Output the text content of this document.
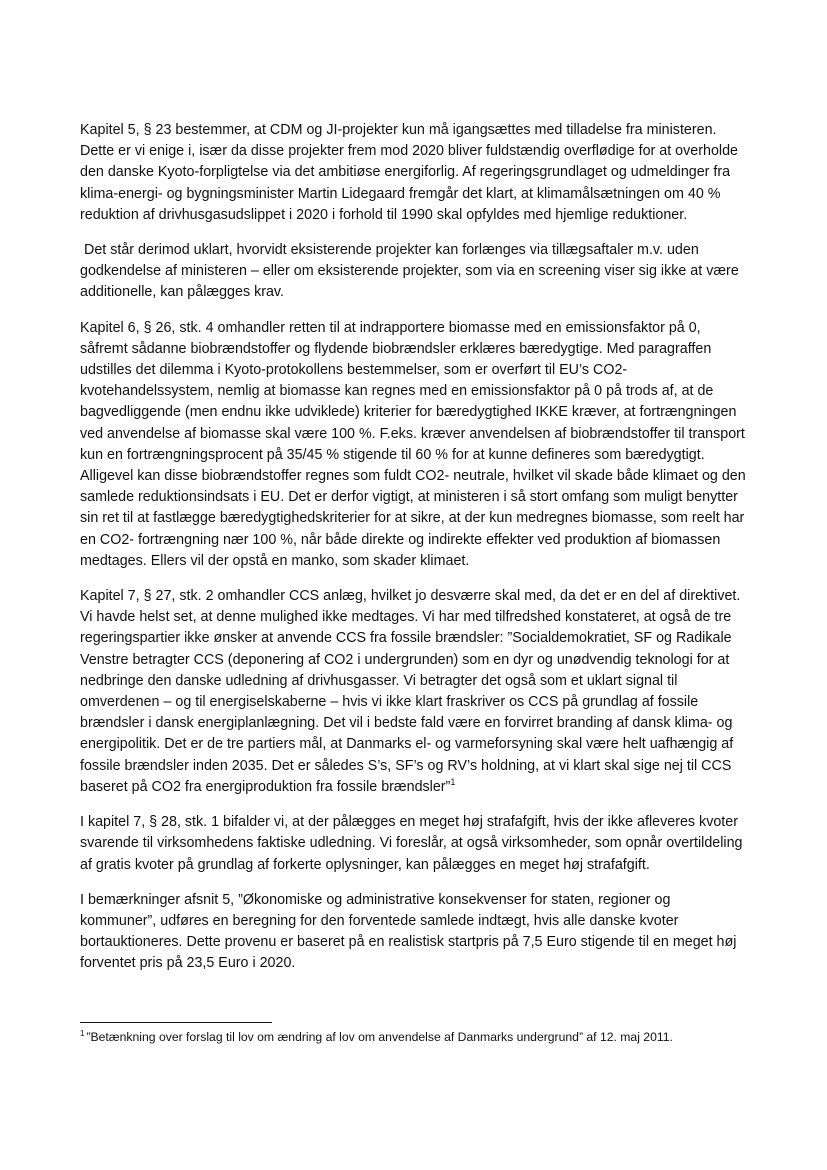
Kapitel 5, § 23 bestemmer, at CDM og JI-projekter kun må igangsættes med tilladelse fra ministeren. Dette er vi enige i, især da disse projekter frem mod 2020 bliver fuldstændig overflødige for at overholde den danske Kyoto-forpligtelse via det ambitiøse energiforlig. Af regeringsgrundlaget og udmeldinger fra klima-energi- og bygningsminister Martin Lidegaard fremgår det klart, at klimamålsætningen om 40 % reduktion af drivhusgasudslippet i 2020 i forhold til 1990 skal opfyldes med hjemlige reduktioner.

Det står derimod uklart, hvorvidt eksisterende projekter kan forlænges via tillægsaftaler m.v. uden godkendelse af ministeren – eller om eksisterende projekter, som via en screening viser sig ikke at være additionelle, kan pålægges krav.

Kapitel 6, § 26, stk. 4 omhandler retten til at indrapportere biomasse med en emissionsfaktor på 0, såfremt sådanne biobrændstoffer og flydende biobrændsler erklæres bæredygtige. Med paragraffen udstilles det dilemma i Kyoto-protokollens bestemmelser, som er overført til EU’s CO2- kvotehandelssystem, nemlig at biomasse kan regnes med en emissionsfaktor på 0 på trods af, at de bagvedliggende (men endnu ikke udviklede) kriterier for bæredygtighed IKKE kræver, at fortrængningen ved anvendelse af biomasse skal være 100 %. F.eks. kræver anvendelsen af biobrændstoffer til transport kun en fortrængningsprocent på 35/45 % stigende til 60 % for at kunne defineres som bæredygtigt. Alligevel kan disse biobrændstoffer regnes som fuldt CO2- neutrale, hvilket vil skade både klimaet og den samlede reduktionsindsats i EU. Det er derfor vigtigt, at ministeren i så stort omfang som muligt benytter sin ret til at fastlægge bæredygtighedskriterier for at sikre, at der kun medregnes biomasse, som reelt har en CO2- fortrængning nær 100 %, når både direkte og indirekte effekter ved produktion af biomassen medtages. Ellers vil der opstå en manko, som skader klimaet.

Kapitel 7, § 27, stk. 2 omhandler CCS anlæg, hvilket jo desværre skal med, da det er en del af direktivet. Vi havde helst set, at denne mulighed ikke medtages. Vi har med tilfredshed konstateret, at også de tre regeringspartier ikke ønsker at anvende CCS fra fossile brændsler: ”Socialdemokratiet, SF og Radikale Venstre betragter CCS (deponering af CO2 i undergrunden) som en dyr og unødvendig teknologi for at nedbringe den danske udledning af drivhusgasser. Vi betragter det også som et uklart signal til omverdenen – og til energiselskaberne – hvis vi ikke klart fraskriver os CCS på grundlag af fossile brændsler i dansk energiplanlægning. Det vil i bedste fald være en forvirret branding af dansk klima- og energipolitik. Det er de tre partiers mål, at Danmarks el- og varmeforsyning skal være helt uafhængig af fossile brændsler inden 2035. Det er således S’s, SF’s og RV’s holdning, at vi klart skal sige nej til CCS baseret på CO2 fra energiproduktion fra fossile brændsler”$^1$

I kapitel 7, § 28, stk. 1 bifalder vi, at der pålægges en meget høj strafafgift, hvis der ikke afleveres kvoter svarende til virksomhedens faktiske udledning. Vi foreslår, at også virksomheder, som opnår overtildeling af gratis kvoter på grundlag af forkerte oplysninger, kan pålægges en meget høj strafafgift.

I bemærkninger afsnit 5, ”Økonomiske og administrative konsekvenser for staten, regioner og kommuner”, udføres en beregning for den forventede samlede indtægt, hvis alle danske kvoter bortauktioneres. Dette provenu er baseret på en realistisk startpris på 7,5 Euro stigende til en meget høj forventet pris på 23,5 Euro i 2020.

$^1$ ”Betænkning over forslag til lov om ændring af lov om anvendelse af Danmarks undergrund” af 12. maj 2011.
